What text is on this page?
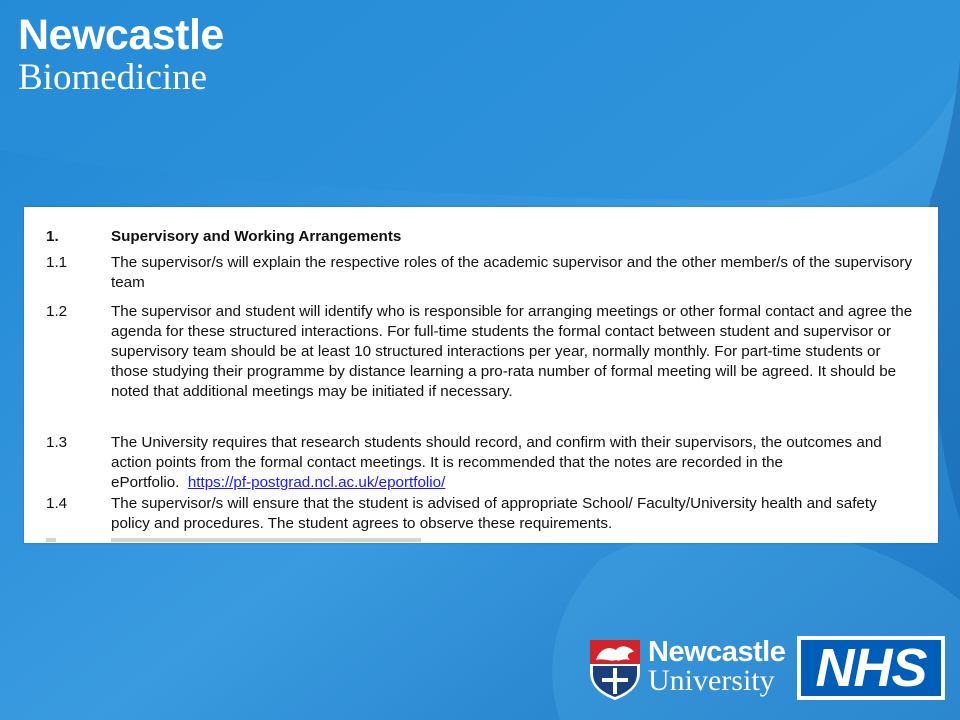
Newcastle
Biomedicine
1.	Supervisory and Working Arrangements
1.1	The supervisor/s will explain the respective roles of the academic supervisor and the other member/s of the supervisory team
1.2	The supervisor and student will identify who is responsible for arranging meetings or other formal contact and agree the agenda for these structured interactions. For full-time students the formal contact between student and supervisor or supervisory team should be at least 10 structured interactions per year, normally monthly. For part-time students or those studying their programme by distance learning a pro-rata number of formal meeting will be agreed. It should be noted that additional meetings may be initiated if necessary.
1.3	The University requires that research students should record, and confirm with their supervisors, the outcomes and action points from the formal contact meetings. It is recommended that the notes are recorded in the ePortfolio. https://pf-postgrad.ncl.ac.uk/eportfolio/
1.4	The supervisor/s will ensure that the student is advised of appropriate School/ Faculty/University health and safety policy and procedures. The student agrees to observe these requirements.
Newcastle
University NHS
